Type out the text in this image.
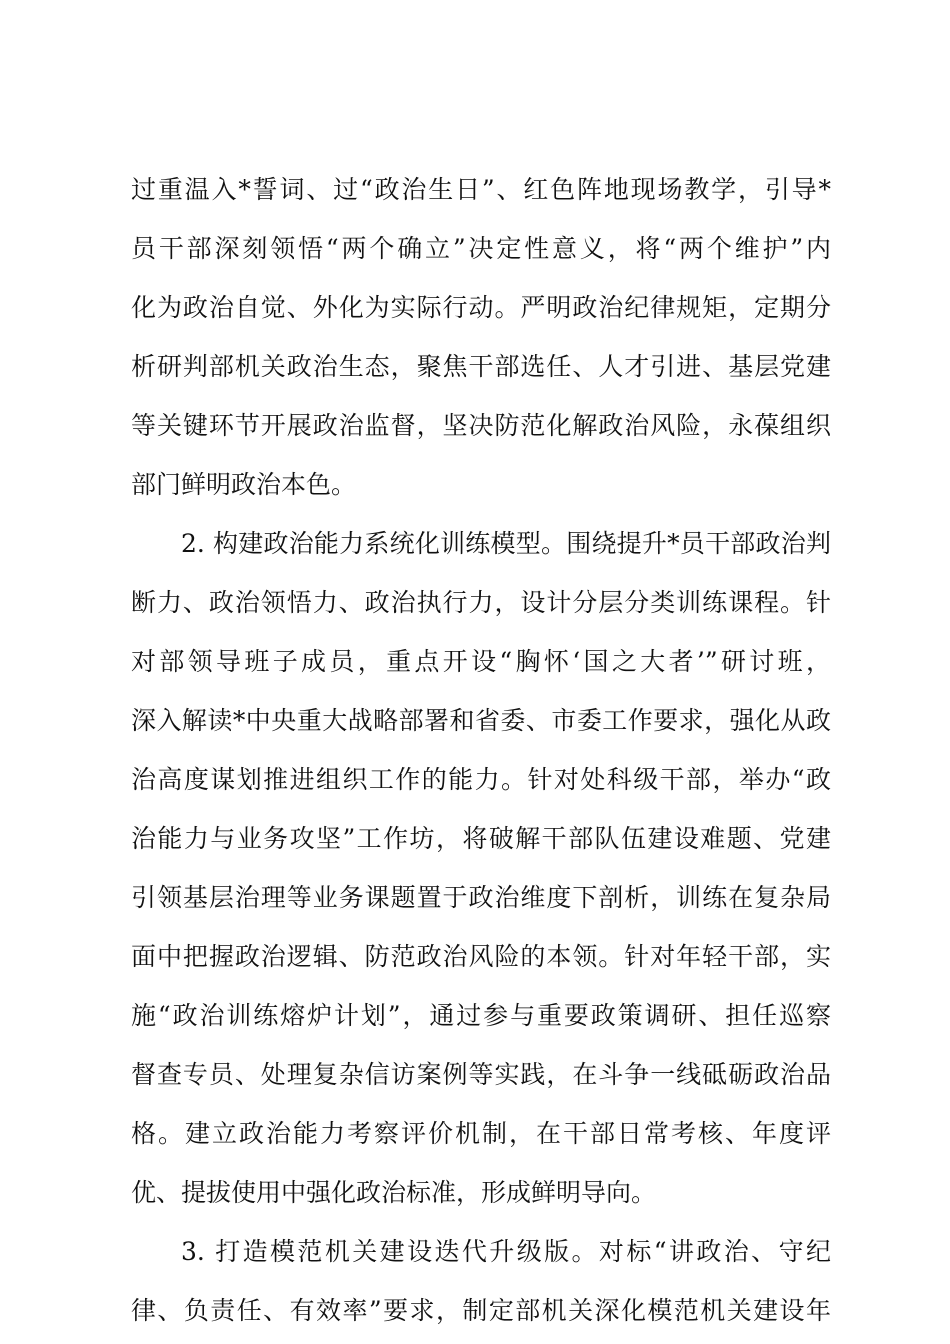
过重温入*誓词、过“政治生日”、红色阵地现场教学，引导*
员干部深刻领悟“两个确立”决定性意义，将“两个维护”内
化为政治自觉、外化为实际行动。严明政治纪律规矩，定期分
析研判部机关政治生态，聚焦干部选任、人才引进、基层党建
等关键环节开展政治监督，坚决防范化解政治风险，永葆组织
部门鲜明政治本色。
2. 构建政治能力系统化训练模型。围绕提升*员干部政治判
断力、政治领悟力、政治执行力，设计分层分类训练课程。针
对部领导班子成员，重点开设“胸怀‘国之大者’”研讨班，
深入解读*中央重大战略部署和省委、市委工作要求，强化从政
治高度谋划推进组织工作的能力。针对处科级干部，举办“政
治能力与业务攻坚”工作坊，将破解干部队伍建设难题、党建
引领基层治理等业务课题置于政治维度下剖析，训练在复杂局
面中把握政治逻辑、防范政治风险的本领。针对年轻干部，实
施“政治训练熔炉计划”，通过参与重要政策调研、担任巡察
督查专员、处理复杂信访案例等实践，在斗争一线砥砺政治品
格。建立政治能力考察评价机制，在干部日常考核、年度评
优、提拔使用中强化政治标准，形成鲜明导向。
3. 打造模范机关建设迭代升级版。对标“讲政治、守纪
律、负责任、有效率”要求，制定部机关深化模范机关建设年
